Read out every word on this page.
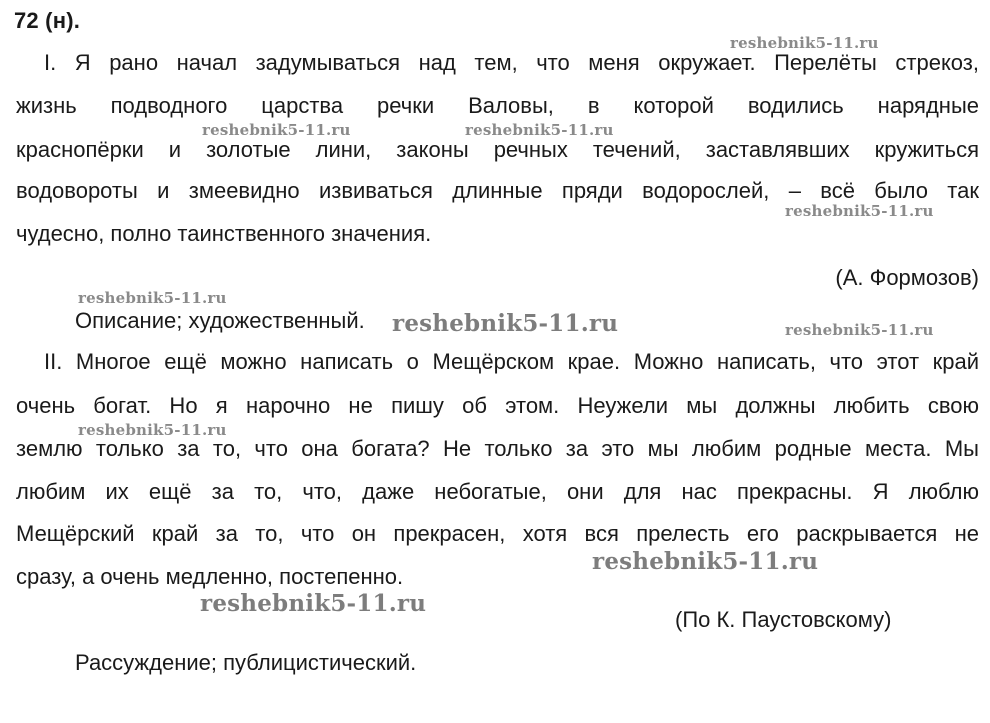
72 (н).
I. Я рано начал задумываться над тем, что меня окружает. Перелёты стрекоз,
жизнь подводного царства речки Валовы, в которой водились нарядные
краснопёрки и золотые лини, законы речных течений, заставлявших кружиться
водовороты и змеевидно извиваться длинные пряди водорослей, – всё было так
чудесно, полно таинственного значения.
(А. Формозов)
Описание; художественный.
II. Многое ещё можно написать о Мещёрском крае. Можно написать, что этот край
очень богат. Но я нарочно не пишу об этом. Неужели мы должны любить свою
землю только за то, что она богата? Не только за это мы любим родные места. Мы
любим их ещё за то, что, даже небогатые, они для нас прекрасны. Я люблю
Мещёрский край за то, что он прекрасен, хотя вся прелесть его раскрывается не
сразу, а очень медленно, постепенно.
(По К. Паустовскому)
Рассуждение; публицистический.
reshebnik5-11.ru
reshebnik5-11.ru	reshebnik5-11.ru
reshebnik5-11.ru
reshebnik5-11.ru
reshebnik5-11.ru	reshebnik5-11.ru
reshebnik5-11.ru
reshebnik5-11.ru
reshebnik5-11.ru
